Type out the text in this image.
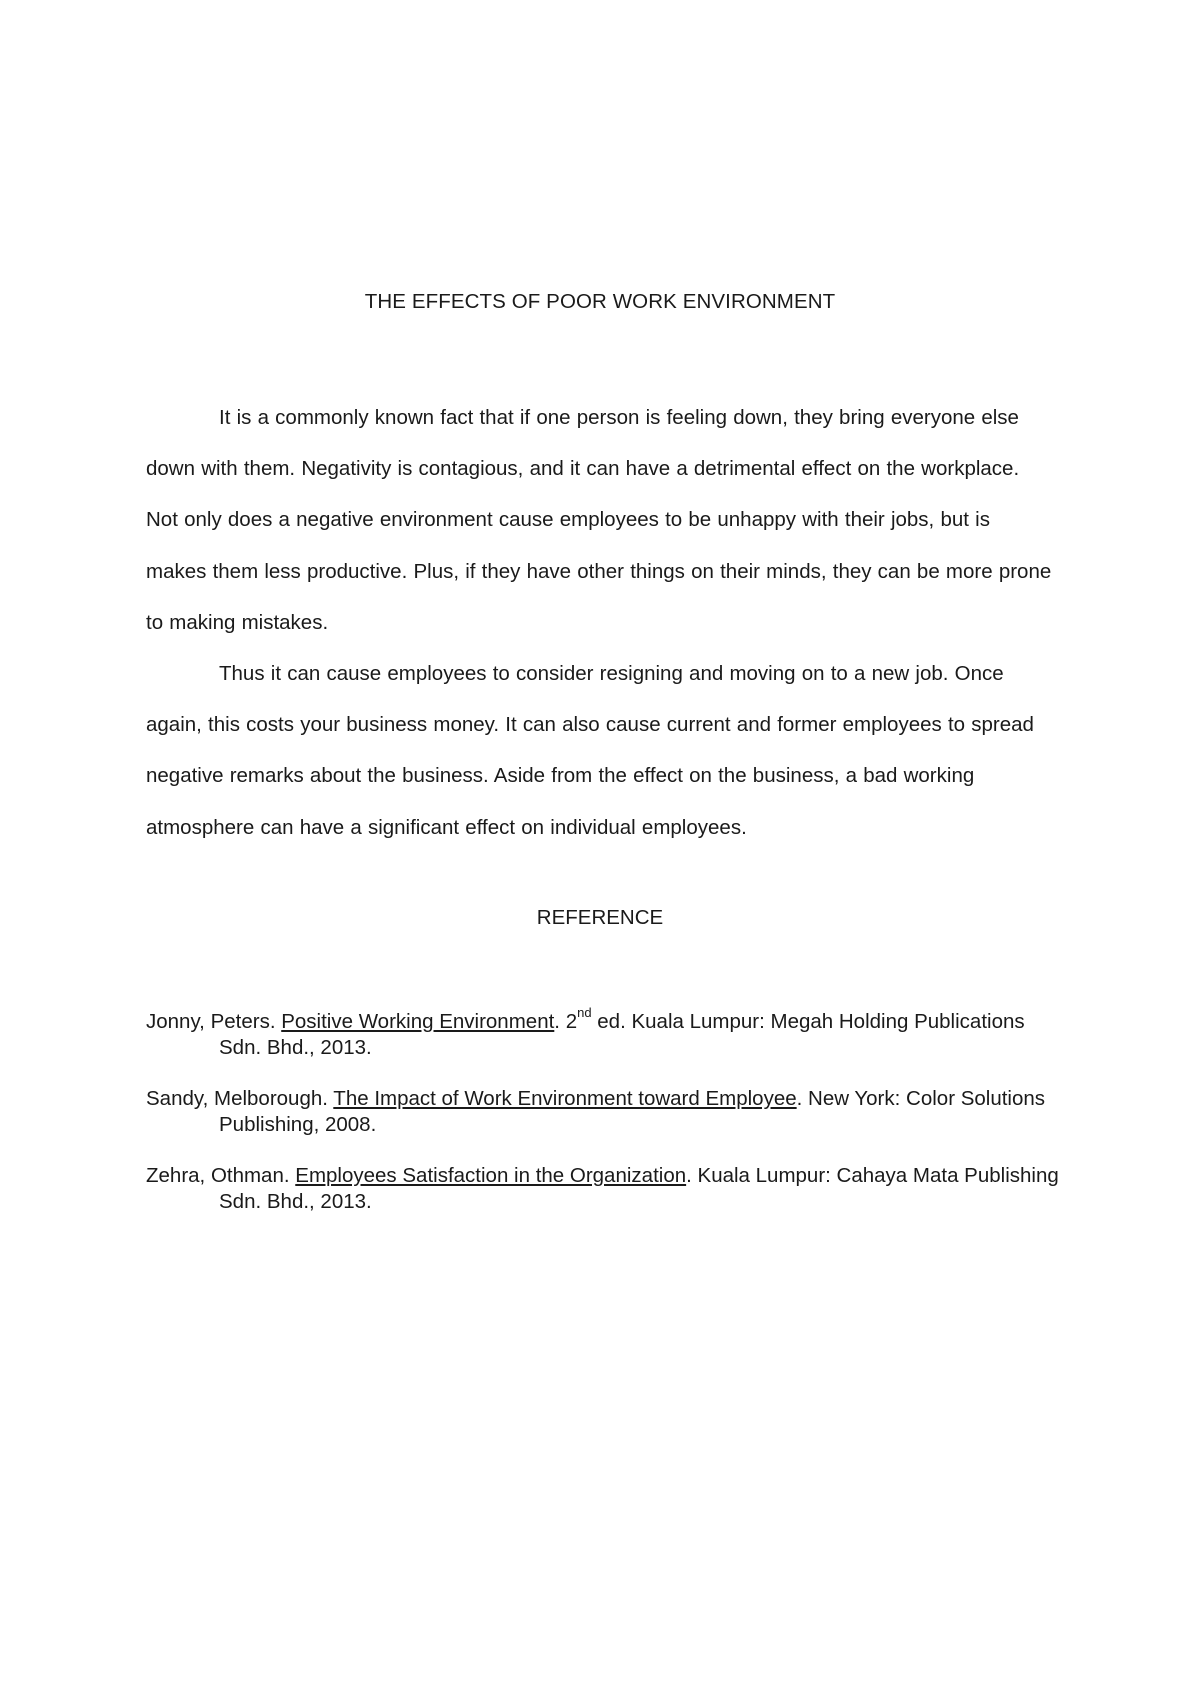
THE EFFECTS OF POOR WORK ENVIRONMENT

It is a commonly known fact that if one person is feeling down, they bring everyone else down with them. Negativity is contagious, and it can have a detrimental effect on the workplace. Not only does a negative environment cause employees to be unhappy with their jobs, but is makes them less productive. Plus, if they have other things on their minds, they can be more prone to making mistakes.

Thus it can cause employees to consider resigning and moving on to a new job. Once again, this costs your business money. It can also cause current and former employees to spread negative remarks about the business. Aside from the effect on the business, a bad working atmosphere can have a significant effect on individual employees.

REFERENCE

Jonny, Peters. Positive Working Environment. 2nd ed. Kuala Lumpur: Megah Holding Publications Sdn. Bhd., 2013.

Sandy, Melborough. The Impact of Work Environment toward Employee. New York: Color Solutions Publishing, 2008.

Zehra, Othman. Employees Satisfaction in the Organization. Kuala Lumpur: Cahaya Mata Publishing Sdn. Bhd., 2013.
